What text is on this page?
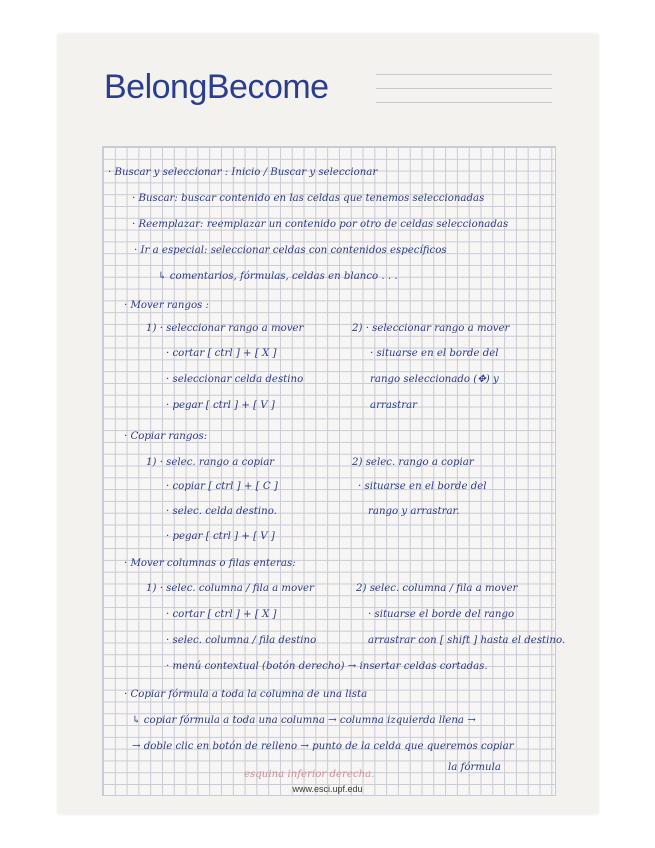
BelongBecome
· Buscar y seleccionar : Inicio / Buscar y seleccionar
· Buscar: buscar contenido en las celdas que tenemos seleccionadas
· Reemplazar: reemplazar un contenido por otro de celdas seleccionadas
· Ir a especial: seleccionar celdas con contenidos específicos
↳ comentarios, fórmulas, celdas en blanco . . .
· Mover rangos :
1) · seleccionar rango a mover
· cortar [ ctrl ] + [ X ]
· seleccionar celda destino
· pegar [ ctrl ] + [ V ]
2) · seleccionar rango a mover
· situarse en el borde del
rango seleccionado (✥) y
arrastrar
· Copiar rangos:
1) · selec. rango a copiar
· copiar [ ctrl ] + [ C ]
· selec. celda destino.
· pegar [ ctrl ] + [ V ]
2) selec. rango a copiar
· situarse en el borde del
rango y arrastrar.
· Mover columnas o filas enteras:
1) · selec. columna / fila a mover
· cortar [ ctrl ] + [ X ]
· selec. columna / fila destino
· menú contextual (botón derecho) → insertar celdas cortadas.
2) selec. columna / fila a mover
· situarse el borde del rango
arrastrar con [ shift ] hasta el destino.
· Copiar fórmula a toda la columna de una lista
↳ copiar fórmula a toda una columna → columna izquierda llena →
→ doble clic en botón de relleno → punto de la celda que queremos copiar
la fórmula
esquina inferior derecha.
www.esci.upf.edu
